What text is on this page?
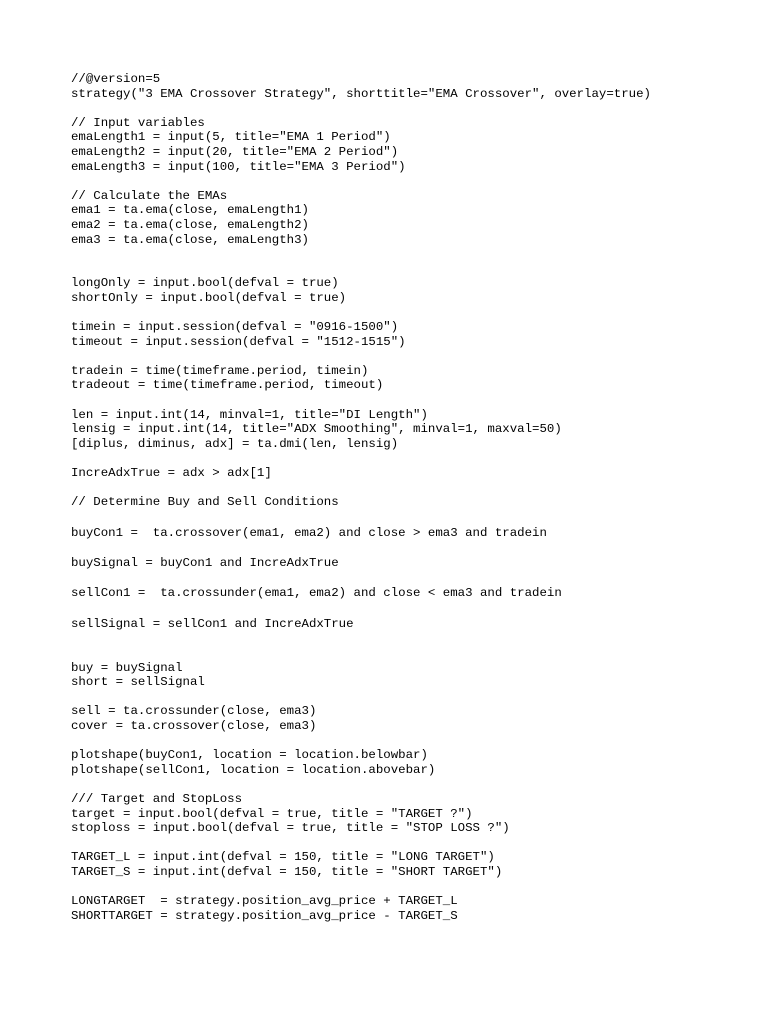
//@version=5
strategy("3 EMA Crossover Strategy", shorttitle="EMA Crossover", overlay=true)
// Input variables
emaLength1 = input(5, title="EMA 1 Period")
emaLength2 = input(20, title="EMA 2 Period")
emaLength3 = input(100, title="EMA 3 Period")
// Calculate the EMAs
ema1 = ta.ema(close, emaLength1)
ema2 = ta.ema(close, emaLength2)
ema3 = ta.ema(close, emaLength3)
longOnly = input.bool(defval = true)
shortOnly = input.bool(defval = true)
timein = input.session(defval = "0916-1500")
timeout = input.session(defval = "1512-1515")
tradein = time(timeframe.period, timein)
tradeout = time(timeframe.period, timeout)
len = input.int(14, minval=1, title="DI Length")
lensig = input.int(14, title="ADX Smoothing", minval=1, maxval=50)
[diplus, diminus, adx] = ta.dmi(len, lensig)
IncreAdxTrue = adx > adx[1]
// Determine Buy and Sell Conditions
buyCon1 =  ta.crossover(ema1, ema2) and close > ema3 and tradein
buySignal = buyCon1 and IncreAdxTrue
sellCon1 =  ta.crossunder(ema1, ema2) and close < ema3 and tradein
sellSignal = sellCon1 and IncreAdxTrue
buy = buySignal
short = sellSignal
sell = ta.crossunder(close, ema3)
cover = ta.crossover(close, ema3)
plotshape(buyCon1, location = location.belowbar)
plotshape(sellCon1, location = location.abovebar)
/// Target and StopLoss
target = input.bool(defval = true, title = "TARGET ?")
stoploss = input.bool(defval = true, title = "STOP LOSS ?")
TARGET_L = input.int(defval = 150, title = "LONG TARGET")
TARGET_S = input.int(defval = 150, title = "SHORT TARGET")
LONGTARGET  = strategy.position_avg_price + TARGET_L
SHORTTARGET = strategy.position_avg_price - TARGET_S
